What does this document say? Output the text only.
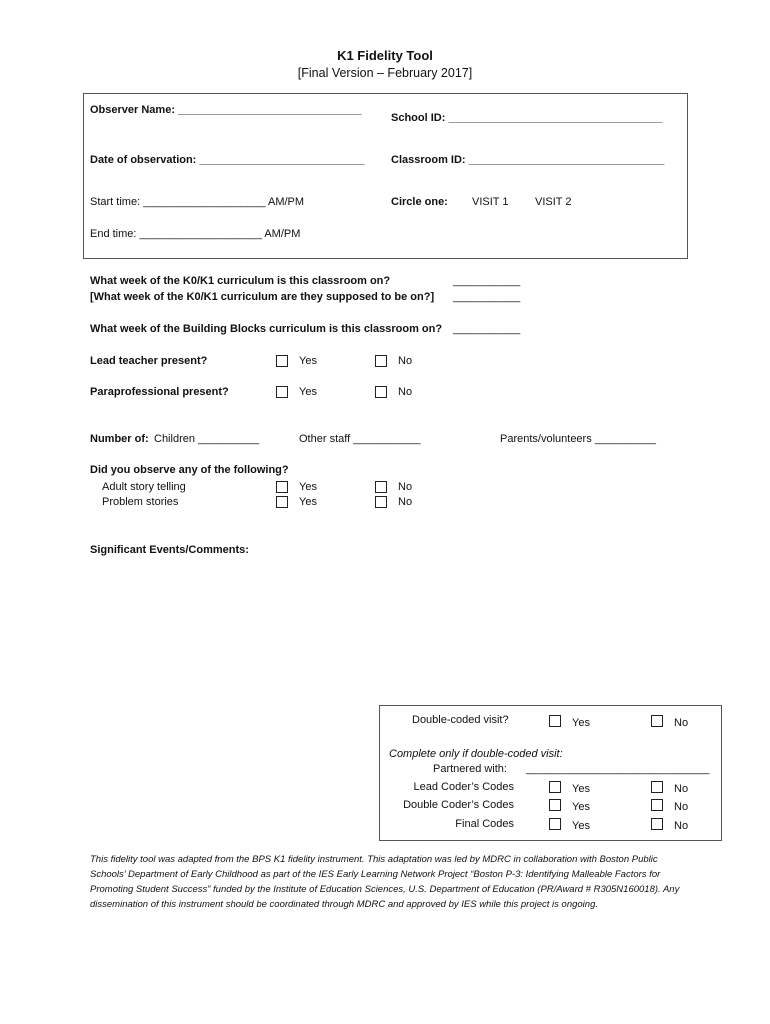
K1 Fidelity Tool
[Final Version – February 2017]
Observer Name: ______________________________
School ID: ___________________________________
Date of observation: ___________________________ Classroom ID: ________________________________
Start time: ____________________ AM/PM	Circle one: VISIT 1 VISIT 2
End time: ____________________ AM/PM
What week of the K0/K1 curriculum is this classroom on?	___________
[What week of the K0/K1 curriculum are they supposed to be on?] ___________
What week of the Building Blocks curriculum is this classroom on? ___________
Lead teacher present?	Yes	No
Paraprofessional present?	Yes	No
Number of: Children __________	Other staff ___________	Parents/volunteers __________
Did you observe any of the following?
Adult story telling	Yes	No
Problem stories	Yes	No
Significant Events/Comments:
Double-coded visit?	Yes	No
Complete only if double-coded visit:
Partnered with: ______________________________
Lead Coder’s Codes	Yes	No
Double Coder’s Codes	Yes	No
Final Codes	Yes	No
This fidelity tool was adapted from the BPS K1 fidelity instrument. This adaptation was led by MDRC in collaboration with Boston Public Schools’ Department of Early Childhood as part of the IES Early Learning Network Project “Boston P-3: Identifying Malleable Factors for Promoting Student Success” funded by the Institute of Education Sciences, U.S. Department of Education (PR/Award # R305N160018). Any dissemination of this instrument should be coordinated through MDRC and approved by IES while this project is ongoing.
